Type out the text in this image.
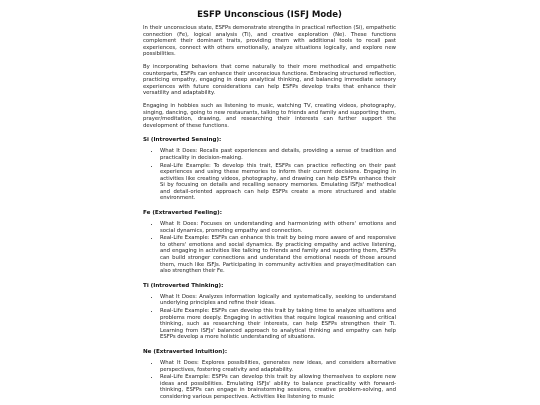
ESFP Unconscious (ISFJ Mode)

In their unconscious state, ESFPs demonstrate strengths in practical reflection (Si), empathetic connection (Fe), logical analysis (Ti), and creative exploration (Ne). These functions complement their dominant traits, providing them with additional tools to recall past experiences, connect with others emotionally, analyze situations logically, and explore new possibilities.

By incorporating behaviors that come naturally to their more methodical and empathetic counterparts, ESFPs can enhance their unconscious functions. Embracing structured reflection, practicing empathy, engaging in deep analytical thinking, and balancing immediate sensory experiences with future considerations can help ESFPs develop traits that enhance their versatility and adaptability.

Engaging in hobbies such as listening to music, watching TV, creating videos, photography, singing, dancing, going to new restaurants, talking to friends and family and supporting them, prayer/meditation, drawing, and researching their interests can further support the development of these functions.

Si (Introverted Sensing):
• What It Does: Recalls past experiences and details, providing a sense of tradition and practicality in decision-making.
• Real-Life Example: To develop this trait, ESFPs can practice reflecting on their past experiences and using these memories to inform their current decisions. Engaging in activities like creating videos, photography, and drawing can help ESFPs enhance their Si by focusing on details and recalling sensory memories. Emulating ISFJs' methodical and detail-oriented approach can help ESFPs create a more structured and stable environment.
Fe (Extraverted Feeling):
• What It Does: Focuses on understanding and harmonizing with others' emotions and social dynamics, promoting empathy and connection.
• Real-Life Example: ESFPs can enhance this trait by being more aware of and responsive to others' emotions and social dynamics. By practicing empathy and active listening, and engaging in activities like talking to friends and family and supporting them, ESFPs can build stronger connections and understand the emotional needs of those around them, much like ISFJs. Participating in community activities and prayer/meditation can also strengthen their Fe.
Ti (Introverted Thinking):
• What It Does: Analyzes information logically and systematically, seeking to understand underlying principles and refine their ideas.
• Real-Life Example: ESFPs can develop this trait by taking time to analyze situations and problems more deeply. Engaging in activities that require logical reasoning and critical thinking, such as researching their interests, can help ESFPs strengthen their Ti. Learning from ISFJs' balanced approach to analytical thinking and empathy can help ESFPs develop a more holistic understanding of situations.
Ne (Extraverted Intuition):
• What It Does: Explores possibilities, generates new ideas, and considers alternative perspectives, fostering creativity and adaptability.
• Real-Life Example: ESFPs can develop this trait by allowing themselves to explore new ideas and possibilities. Emulating ISFJs' ability to balance practicality with forward-thinking, ESFPs can engage in brainstorming sessions, creative problem-solving, and considering various perspectives. Activities like listening to music
